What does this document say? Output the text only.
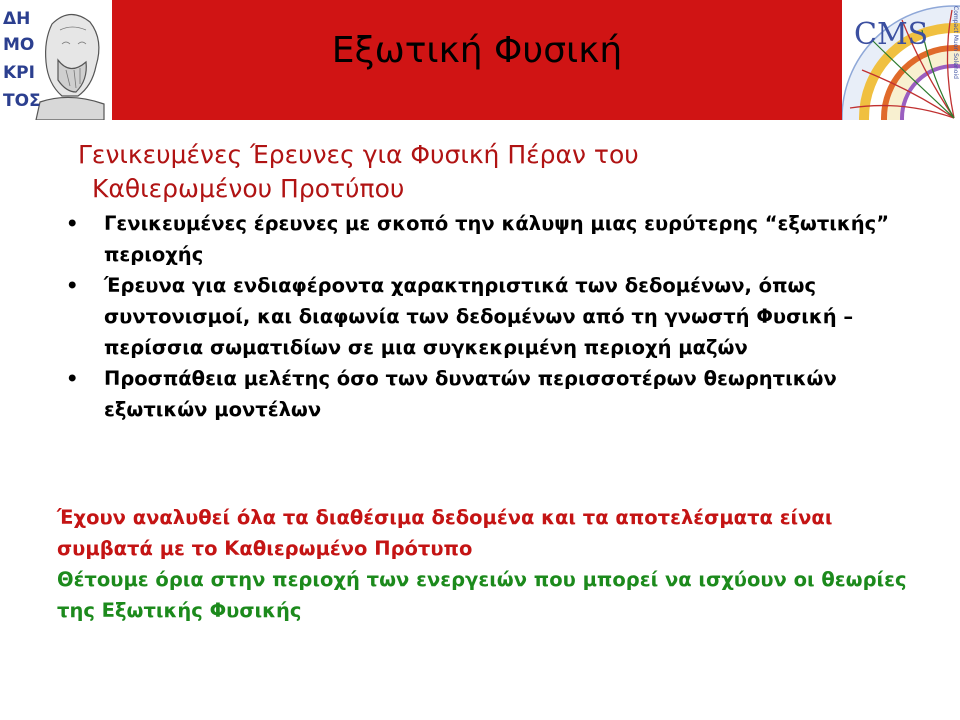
ΔΗ
ΜΟ
ΚΡΙ
ΤΟΣ
Εξωτική Φυσική	CMS	Compact Muon Solenoid
Γενικευμένες Έρευνες για Φυσική Πέραν του
Καθιερωμένου Προτύπου
• Γενικευμένες έρευνες με σκοπό την κάλυψη μιας ευρύτερης “εξωτικής” περιοχής
• Έρευνα για ενδιαφέροντα χαρακτηριστικά των δεδομένων, όπως συντονισμοί, και διαφωνία των δεδομένων από τη γνωστή Φυσική – περίσσια σωματιδίων σε μια συγκεκριμένη περιοχή μαζών
• Προσπάθεια μελέτης όσο των δυνατών περισσοτέρων θεωρητικών εξωτικών μοντέλων
Έχουν αναλυθεί όλα τα διαθέσιμα δεδομένα και τα αποτελέσματα είναι συμβατά με το Καθιερωμένο Πρότυπο
Θέτουμε όρια στην περιοχή των ενεργειών που μπορεί να ισχύουν οι θεωρίες της Εξωτικής Φυσικής
